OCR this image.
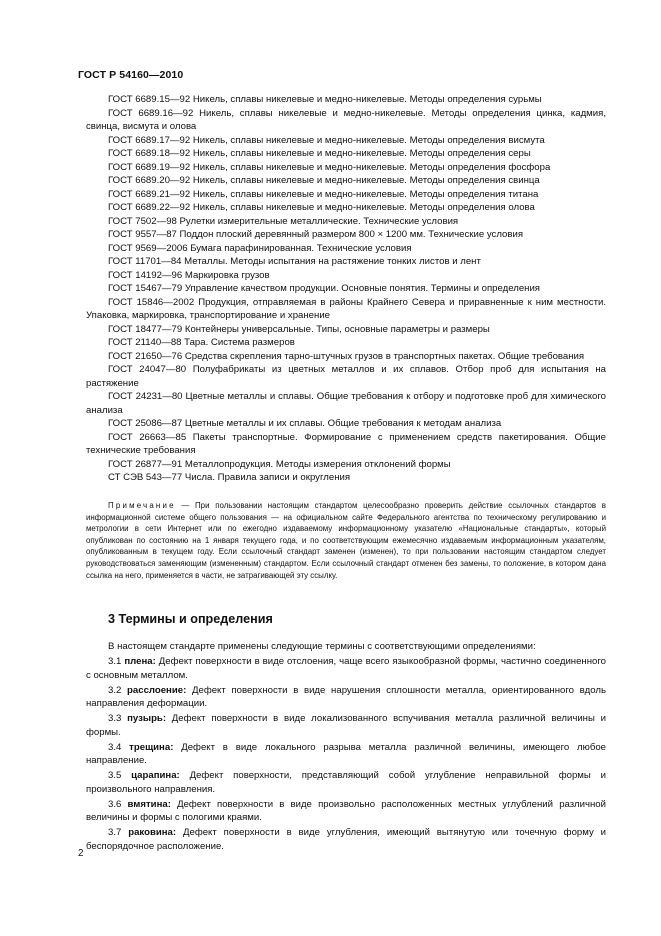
ГОСТ Р 54160—2010

ГОСТ 6689.15—92 Никель, сплавы никелевые и медно-никелевые. Методы определения сурьмы

ГОСТ 6689.16—92 Никель, сплавы никелевые и медно-никелевые. Методы определения цинка, кадмия, свинца, висмута и олова

ГОСТ 6689.17—92 Никель, сплавы никелевые и медно-никелевые. Методы определения висмута

ГОСТ 6689.18—92 Никель, сплавы никелевые и медно-никелевые. Методы определения серы

ГОСТ 6689.19—92 Никель, сплавы никелевые и медно-никелевые. Методы определения фосфора

ГОСТ 6689.20—92 Никель, сплавы никелевые и медно-никелевые. Методы определения свинца

ГОСТ 6689.21—92 Никель, сплавы никелевые и медно-никелевые. Методы определения титана

ГОСТ 6689.22—92 Никель, сплавы никелевые и медно-никелевые. Методы определения олова

ГОСТ 7502—98 Рулетки измерительные металлические. Технические условия

ГОСТ 9557—87 Поддон плоский деревянный размером 800 × 1200 мм. Технические условия

ГОСТ 9569—2006 Бумага парафинированная. Технические условия

ГОСТ 11701—84 Металлы. Методы испытания на растяжение тонких листов и лент

ГОСТ 14192—96 Маркировка грузов

ГОСТ 15467—79 Управление качеством продукции. Основные понятия. Термины и определения

ГОСТ 15846—2002 Продукция, отправляемая в районы Крайнего Севера и приравненные к ним местности. Упаковка, маркировка, транспортирование и хранение

ГОСТ 18477—79 Контейнеры универсальные. Типы, основные параметры и размеры

ГОСТ 21140—88 Тара. Система размеров

ГОСТ 21650—76 Средства скрепления тарно-штучных грузов в транспортных пакетах. Общие требования

ГОСТ 24047—80 Полуфабрикаты из цветных металлов и их сплавов. Отбор проб для испытания на растяжение

ГОСТ 24231—80 Цветные металлы и сплавы. Общие требования к отбору и подготовке проб для химического анализа

ГОСТ 25086—87 Цветные металлы и их сплавы. Общие требования к методам анализа

ГОСТ 26663—85 Пакеты транспортные. Формирование с применением средств пакетирования. Общие технические требования

ГОСТ 26877—91 Металлопродукция. Методы измерения отклонений формы

СТ СЭВ 543—77 Числа. Правила записи и округления

Примечание — При пользовании настоящим стандартом целесообразно проверить действие ссылочных стандартов в информационной системе общего пользования — на официальном сайте Федерального агентства по техническому регулированию и метрологии в сети Интернет или по ежегодно издаваемому информационному указателю «Национальные стандарты», который опубликован по состоянию на 1 января текущего года, и по соответствующим ежемесячно издаваемым информационным указателям, опубликованным в текущем году. Если ссылочный стандарт заменен (изменен), то при пользовании настоящим стандартом следует руководствоваться заменяющим (измененным) стандартом. Если ссылочный стандарт отменен без замены, то положение, в котором дана ссылка на него, применяется в части, не затрагивающей эту ссылку.
3 Термины и определения

В настоящем стандарте применены следующие термины с соответствующими определениями:

3.1 плена: Дефект поверхности в виде отслоения, чаще всего языкообразной формы, частично соединенного с основным металлом.

3.2 расслоение: Дефект поверхности в виде нарушения сплошности металла, ориентированного вдоль направления деформации.

3.3 пузырь: Дефект поверхности в виде локализованного вспучивания металла различной величины и формы.

3.4 трещина: Дефект в виде локального разрыва металла различной величины, имеющего любое направление.

3.5 царапина: Дефект поверхности, представляющий собой углубление неправильной формы и произвольного направления.

3.6 вмятина: Дефект поверхности в виде произвольно расположенных местных углублений различной величины и формы с пологими краями.

3.7 раковина: Дефект поверхности в виде углубления, имеющий вытянутую или точечную форму и беспорядочное расположение.

2
